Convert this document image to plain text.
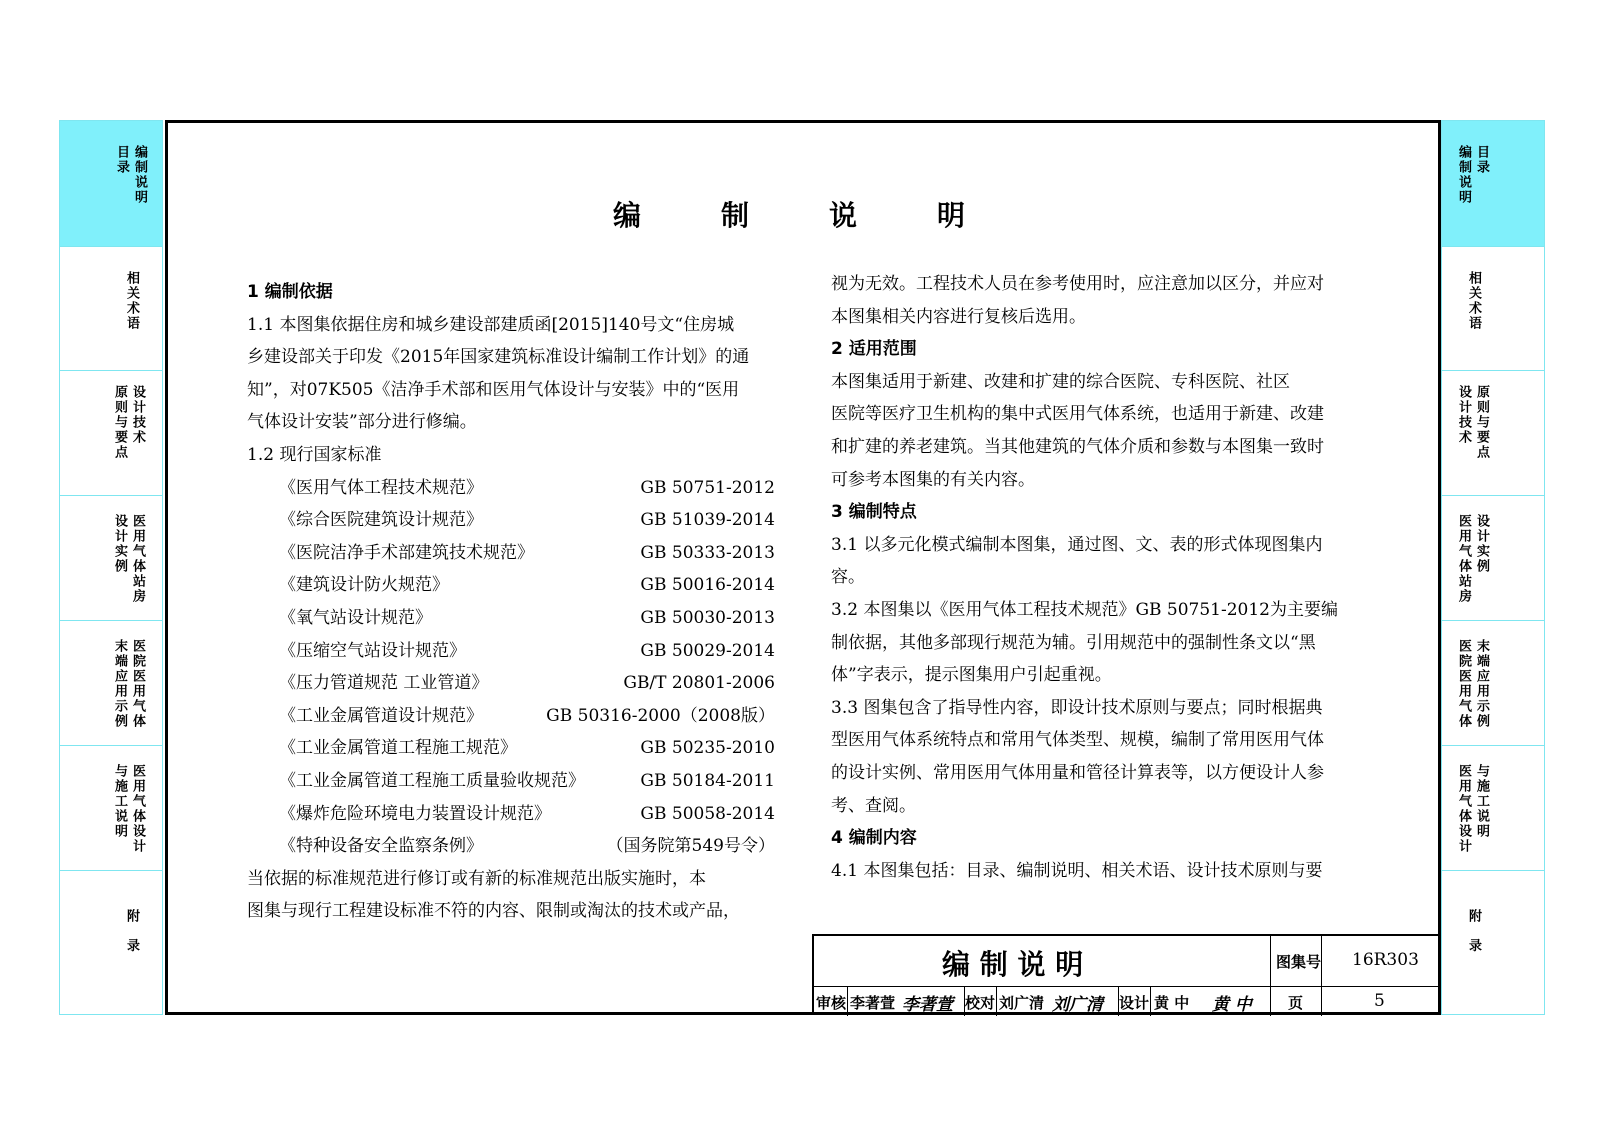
编制说明
目录
相关术语
设计技术
原则与要点
医用气体站房
设计实例
医院医用气体
末端应用示例
医用气体设计
与施工说明
附 录
目录
编制说明
相关术语
原则与要点
设计技术
设计实例
医用气体站房
末端应用示例
医院医用气体
与施工说明
医用气体设计
附 录
编	制	说	明
1 编制依据
1.1 本图集依据住房和城乡建设部建质函[2015]140号文“住房城
乡建设部关于印发《2015年国家建筑标准设计编制工作计划》的通
知”，对07K505《洁净手术部和医用气体设计与安装》中的“医用
气体设计安装”部分进行修编。
1.2 现行国家标准
《医用气体工程技术规范》	GB 50751-2012
《综合医院建筑设计规范》	GB 51039-2014
《医院洁净手术部建筑技术规范》	GB 50333-2013
《建筑设计防火规范》	GB 50016-2014
《氧气站设计规范》	GB 50030-2013
《压缩空气站设计规范》	GB 50029-2014
《压力管道规范 工业管道》	GB/T 20801-2006
《工业金属管道设计规范》	GB 50316-2000（2008版）
《工业金属管道工程施工规范》	GB 50235-2010
《工业金属管道工程施工质量验收规范》	GB 50184-2011
《爆炸危险环境电力装置设计规范》	GB 50058-2014
《特种设备安全监察条例》	（国务院第549号令）
当依据的标准规范进行修订或有新的标准规范出版实施时，本
图集与现行工程建设标准不符的内容、限制或淘汰的技术或产品，
视为无效。工程技术人员在参考使用时，应注意加以区分，并应对
本图集相关内容进行复核后选用。
2 适用范围
本图集适用于新建、改建和扩建的综合医院、专科医院、社区
医院等医疗卫生机构的集中式医用气体系统，也适用于新建、改建
和扩建的养老建筑。当其他建筑的气体介质和参数与本图集一致时
可参考本图集的有关内容。
3 编制特点
3.1 以多元化模式编制本图集，通过图、文、表的形式体现图集内
容。
3.2 本图集以《医用气体工程技术规范》GB 50751-2012为主要编
制依据，其他多部现行规范为辅。引用规范中的强制性条文以“黑
体”字表示，提示图集用户引起重视。
3.3 图集包含了指导性内容，即设计技术原则与要点；同时根据典
型医用气体系统特点和常用气体类型、规模，编制了常用医用气体
的设计实例、常用医用气体用量和管径计算表等，以方便设计人参
考、查阅。
4 编制内容
4.1 本图集包括：目录、编制说明、相关术语、设计技术原则与要
编 制 说 明	图集号 16R303
审核 李著萱 李著萱 校对 刘广清 刘广清 设计 黄 中 黄 中 页	5
